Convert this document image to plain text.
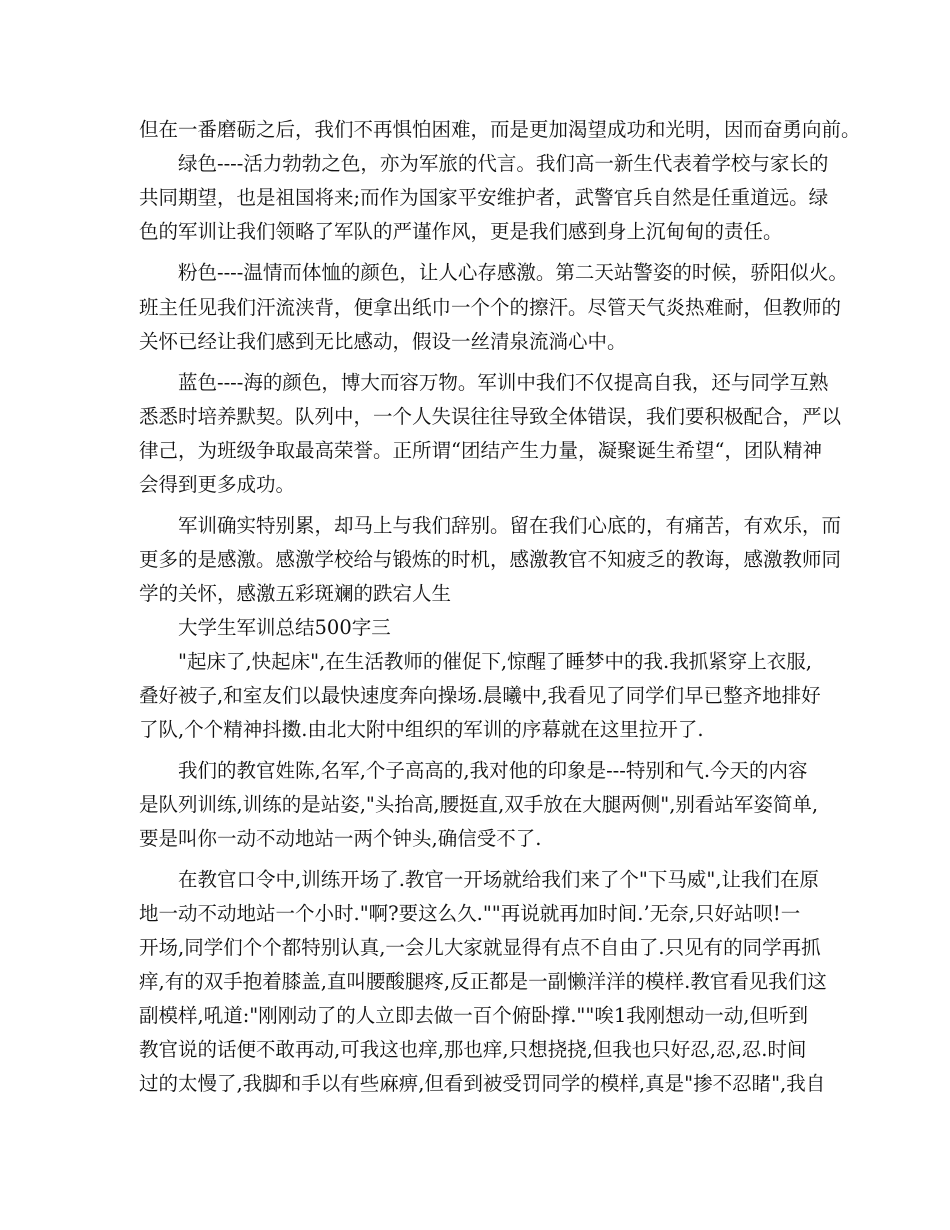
但在一番磨砺之后，我们不再惧怕困难，而是更加渴望成功和光明，因而奋勇向前。
绿色----活力勃勃之色，亦为军旅的代言。我们高一新生代表着学校与家长的
共同期望，也是祖国将来;而作为国家平安维护者，武警官兵自然是任重道远。绿
色的军训让我们领略了军队的严谨作风，更是我们感到身上沉甸甸的责任。
粉色----温情而体恤的颜色，让人心存感激。第二天站警姿的时候，骄阳似火。
班主任见我们汗流浃背，便拿出纸巾一个个的擦汗。尽管天气炎热难耐，但教师的
关怀已经让我们感到无比感动，假设一丝清泉流淌心中。
蓝色----海的颜色，博大而容万物。军训中我们不仅提高自我，还与同学互熟
悉悉时培养默契。队列中，一个人失误往往导致全体错误，我们要积极配合，严以
律己，为班级争取最高荣誉。正所谓“团结产生力量，凝聚诞生希望“，团队精神
会得到更多成功。
军训确实特别累，却马上与我们辞别。留在我们心底的，有痛苦，有欢乐，而
更多的是感激。感激学校给与锻炼的时机，感激教官不知疲乏的教诲，感激教师同
学的关怀，感激五彩斑斓的跌宕人生
大学生军训总结500字三
"起床了,快起床",在生活教师的催促下,惊醒了睡梦中的我.我抓紧穿上衣服,
叠好被子,和室友们以最快速度奔向操场.晨曦中,我看见了同学们早已整齐地排好
了队,个个精神抖擞.由北大附中组织的军训的序幕就在这里拉开了.
我们的教官姓陈,名军,个子高高的,我对他的印象是---特别和气.今天的内容
是队列训练,训练的是站姿,"头抬高,腰挺直,双手放在大腿两侧",别看站军姿简单,
要是叫你一动不动地站一两个钟头,确信受不了.
在教官口令中,训练开场了.教官一开场就给我们来了个"下马威",让我们在原
地一动不动地站一个小时."啊?要这么久.""再说就再加时间.’无奈,只好站呗!一
开场,同学们个个都特别认真,一会儿大家就显得有点不自由了.只见有的同学再抓
痒,有的双手抱着膝盖,直叫腰酸腿疼,反正都是一副懒洋洋的模样.教官看见我们这
副模样,吼道:"刚刚动了的人立即去做一百个俯卧撑.""唉1我刚想动一动,但听到
教官说的话便不敢再动,可我这也痒,那也痒,只想挠挠,但我也只好忍,忍,忍.时间
过的太慢了,我脚和手以有些麻痹,但看到被受罚同学的模样,真是"掺不忍睹",我自
